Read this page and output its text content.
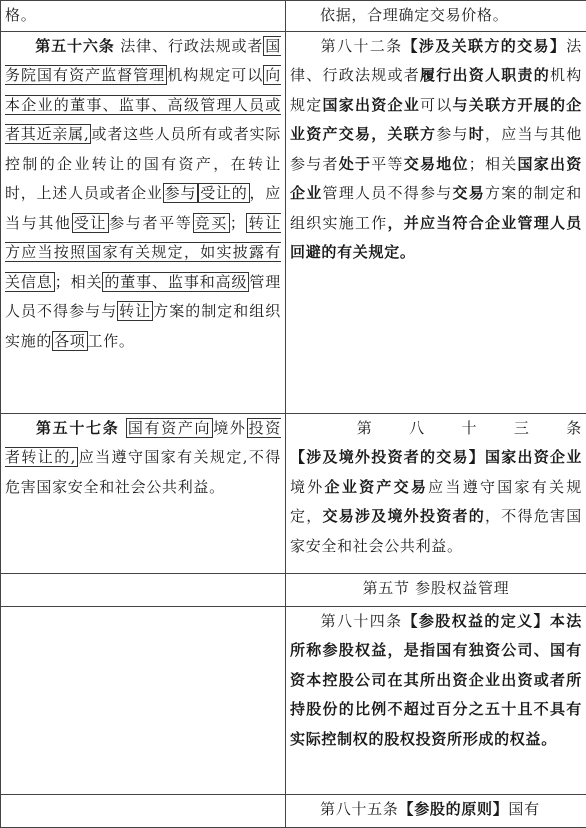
格。	依据，合理确定交易价格。
第五十六条 法律、行政法规或者 国务院国有资产监督管理 机构规定可以 向本企业的董事、监事、高级管理人员或者其近亲属, 或者这些人员所有或者实际控制的企业转让的国有资产，在转让时，上述人员或者企业 参与 受让的 ，应当与其他 受让 参与者平等 竞买 ； 转让方应当按照国家有关规定，如实披露有关信息 ；相关 的董事、监事和高级 管理人员不得参与与 转让 方案的制定和组织实施的 各项 工作。	第八十二条【涉及关联方的交易】法律、行政法规或者履行出资人职责的机构规定国家出资企业可以与关联方开展的企业资产交易，关联方参与时，应当与其他参与者处于平等交易地位；相关国家出资企业管理人员不得参与交易方案的制定和组织实施工作，并应当符合企业管理人员回避的有关规定。
第五十七条 国有资产向 境外 投资者转让的, 应当遵守国家有关规定,不得危害国家安全和社会公共利益。	第八十三条【涉及境外投资者的交易】国家出资企业境外企业资产交易应当遵守国家有关规定，交易涉及境外投资者的，不得危害国家安全和社会公共利益。
	第五节 参股权益管理
	第八十四条【参股权益的定义】本法所称参股权益，是指国有独资公司、国有资本控股公司在其所出资企业出资或者所持股份的比例不超过百分之五十且不具有实际控制权的股权投资所形成的权益。
	第八十五条【参股的原则】国有
